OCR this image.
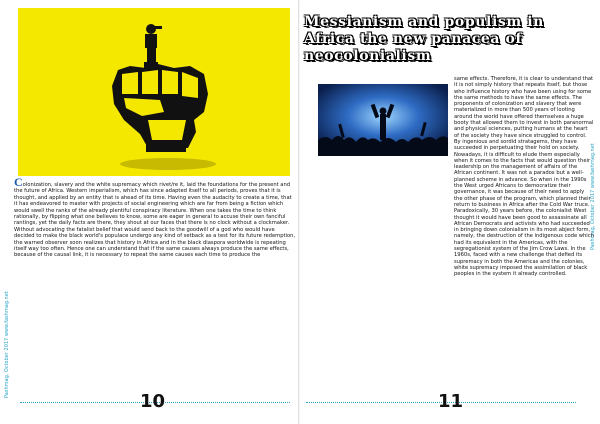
Colonization, slavery and the white supremacy which rivet/re it, laid the foundations for the present and the future of Africa. Western imperialism, which has since adapted itself to all periods, proves that it is thought, and applied by an entity that is ahead of its time. Having even the audacity to create a time, that it has endeavored to master with projects of social engineering which are far from being a fiction which would swell the ranks of the already plentiful conspiracy literature. When one takes the time to think rationally, by flipping what one believes to know, some are eager in general to accuse their own fanciful rantings, yet the daily facts are there, they shout at our faces that there is no clock without a clockmaker. Without advocating the fatalist belief that would send back to the goodwill of a god who would have decided to make the black world's populace undergo any kind of setback as a test for its future redemption, the warned observer soon realizes that history in Africa and in the black diaspora worldwide is repeating itself way too often. Hence one can understand that if the same causes always produce the same effects, because of the causal link, it is necessary to repeat the same causes each time to produce the

10
Pashmag, October 2017 www.fashmag.net
Pashmag, October 2017 www.fashmag.net
11
Messianism and populism in Africa the new panacea of neocolonialism

same effects. Therefore, it is clear to understand that it is not simply history that repeats itself, but those who influence history who have been using for some the same methods to have the same effects. The proponents of colonization and slavery that were materialized in more than 500 years of looting around the world have offered themselves a huge booty that allowed them to invest in both paranormal and physical sciences, putting humans at the heart of the society they have since struggled to control. By ingenious and sordid stratagems, they have succeeded in perpetuating their hold on society. Nowadays, it is difficult to elude them especially when it comes to the facts that would question their leadership on the management of affairs of the African continent. It was not a paradox but a well-planned scheme in advance. So when in the 1990s the West urged Africans to democratize their governance, it was because of their need to apply the other phase of the program, which planned their return to business in Africa after the Cold War truce. Paradoxically, 30 years before, the colonialist West thought it would have been good to assassinate all African Democrats and activists who had succeeded in bringing down colonialism in its most abject form, namely, the destruction of the indigenous code which had its equivalent in the Americas, with the segregationist system of the Jim Crow Laws. In the 1960s, faced with a new challenge that defied its supremacy in both the Americas and the colonies, white supremacy imposed the assimilation of black peoples in the system it already controlled.
